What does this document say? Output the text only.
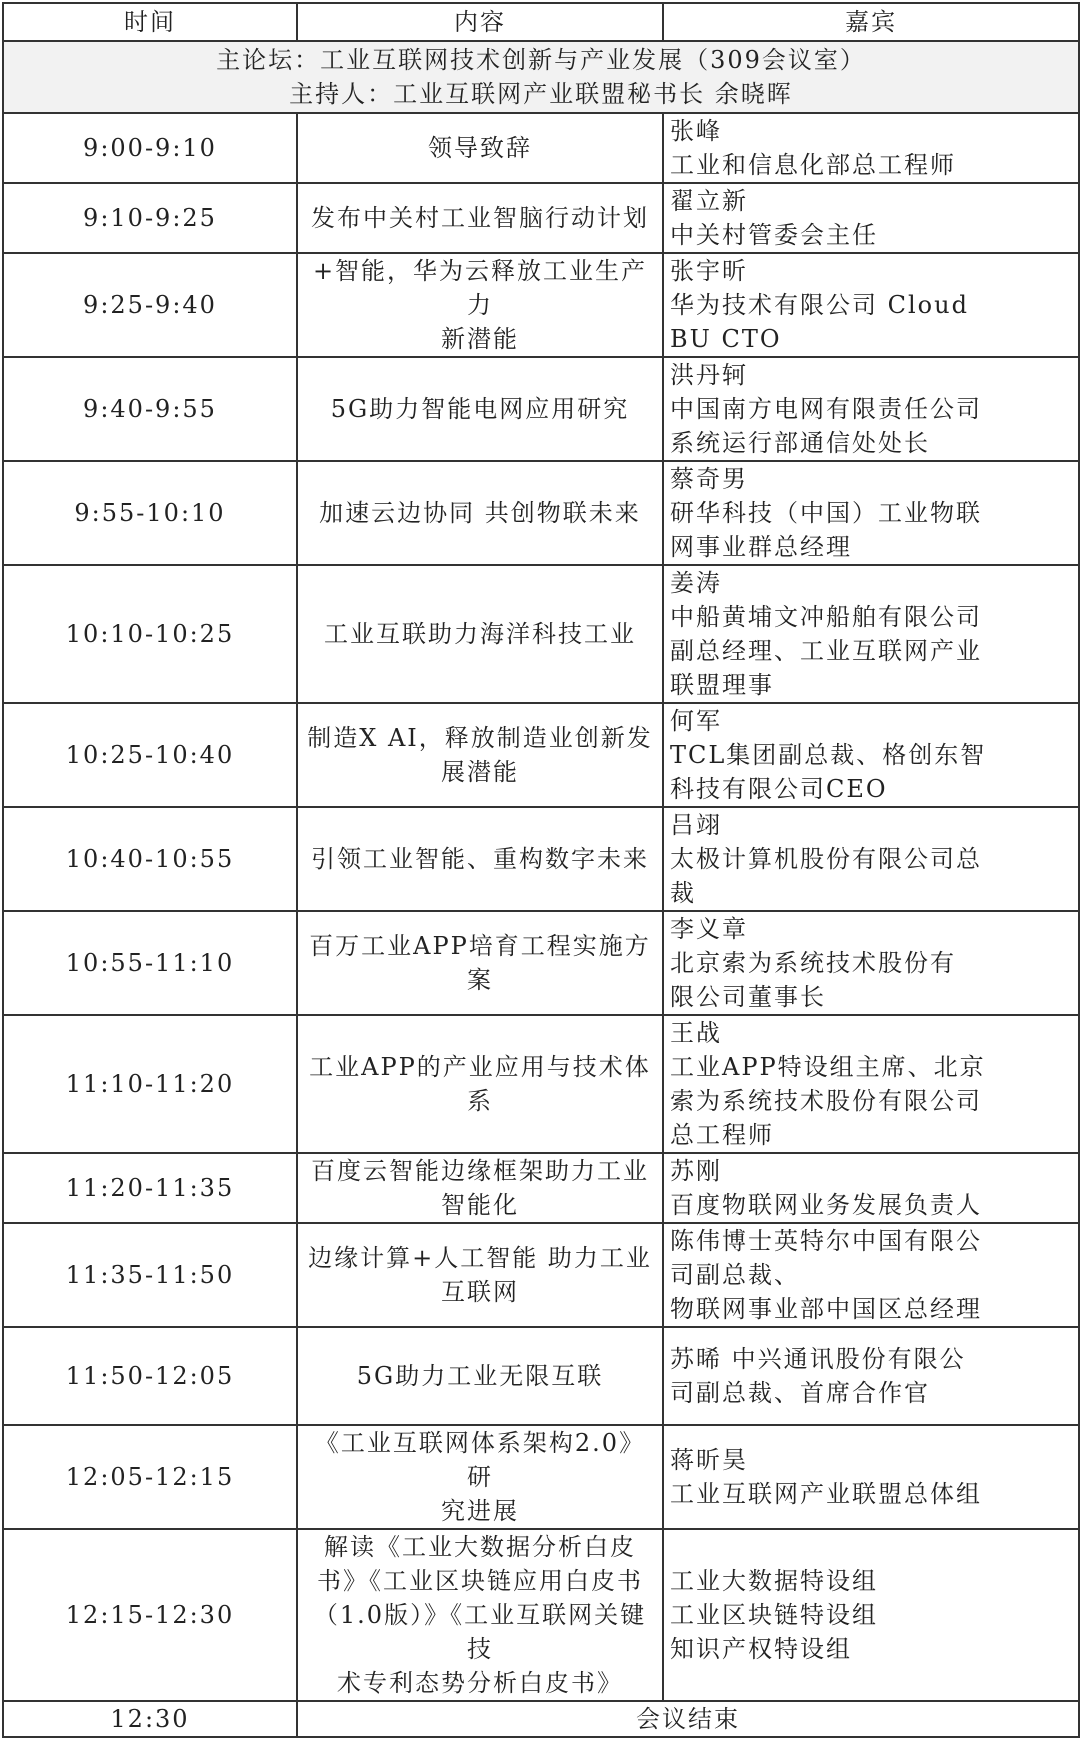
时间	内容	嘉宾

主论坛：工业互联网技术创新与产业发展（309会议室）
主持人：工业互联网产业联盟秘书长 余晓晖		

9:00-9:10	领导致辞	张峰
工业和信息化部总工程师

9:10-9:25	发布中关村工业智脑行动计划	翟立新
中关村管委会主任

9:25-9:40	+智能，华为云释放工业生产力
新潜能	张宇昕
华为技术有限公司 Cloud
BU CTO

9:40-9:55	5G助力智能电网应用研究	洪丹轲
中国南方电网有限责任公司
系统运行部通信处处长

9:55-10:10	加速云边协同 共创物联未来	蔡奇男
研华科技（中国）工业物联
网事业群总经理

10:10-10:25	工业互联助力海洋科技工业	姜涛
中船黄埔文冲船舶有限公司
副总经理、工业互联网产业
联盟理事

10:25-10:40	制造X AI，释放制造业创新发
展潜能	何军
TCL集团副总裁、格创东智
科技有限公司CEO

10:40-10:55	引领工业智能、重构数字未来	吕翊
太极计算机股份有限公司总
裁

10:55-11:10	百万工业APP培育工程实施方
案	李义章
北京索为系统技术股份有
限公司董事长

11:10-11:20	工业APP的产业应用与技术体
系	王战
工业APP特设组主席、北京
索为系统技术股份有限公司
总工程师

11:20-11:35	百度云智能边缘框架助力工业
智能化	苏刚
百度物联网业务发展负责人

11:35-11:50	边缘计算+人工智能 助力工业
互联网	陈伟博士英特尔中国有限公
司副总裁、
物联网事业部中国区总经理

11:50-12:05	5G助力工业无限互联	苏晞 中兴通讯股份有限公
司副总裁、首席合作官

12:05-12:15	《工业互联网体系架构2.0》研
究进展	蒋昕昊
工业互联网产业联盟总体组

12:15-12:30	解读《工业大数据分析白皮
书》《工业区块链应用白皮书
（1.0版）》《工业互联网关键技
术专利态势分析白皮书》	工业大数据特设组
工业区块链特设组
知识产权特设组

12:30	会议结束	
